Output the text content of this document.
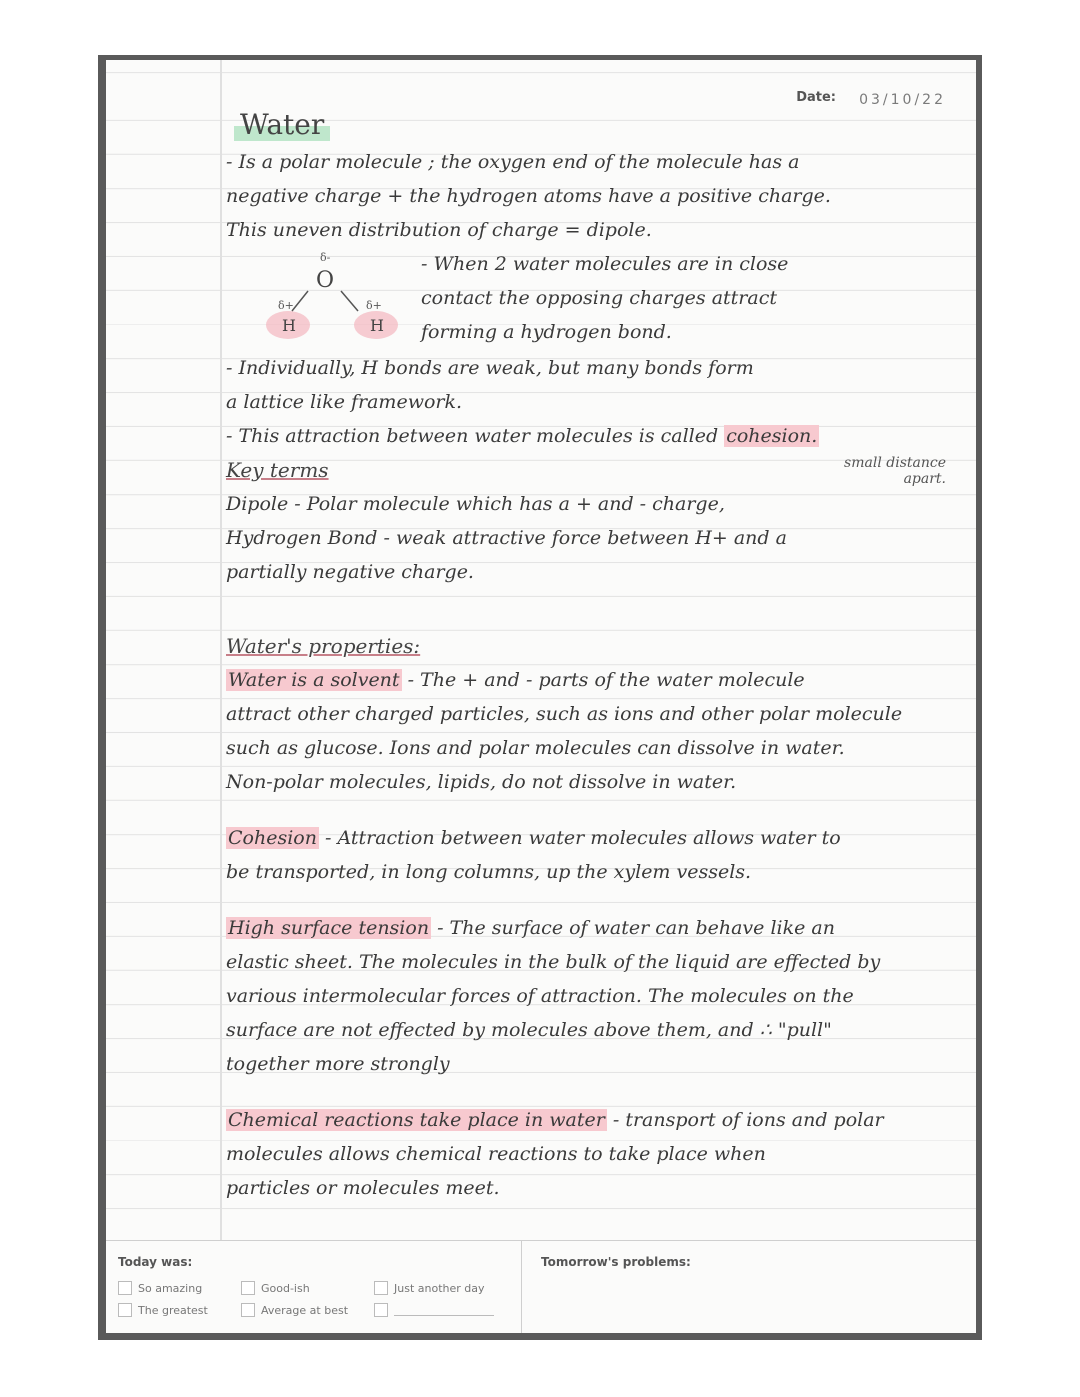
Date: 03/10/22
Water
- Is a polar molecule ; the oxygen end of the molecule has a
negative charge + the hydrogen atoms have a positive charge.
This uneven distribution of charge = dipole.
O
δ-
H	H
δ+	δ+
- When 2 water molecules are in close
contact the opposing charges attract
forming a hydrogen bond.
- Individually, H bonds are weak, but many bonds form
a lattice like framework.
- This attraction between water molecules is called cohesion.
small distance
apart.
Key terms
Dipole - Polar molecule which has a + and - charge,
Hydrogen Bond - weak attractive force between H+ and a
partially negative charge.
Water's properties:
Water is a solvent - The + and - parts of the water molecule
attract other charged particles, such as ions and other polar molecule
such as glucose. Ions and polar molecules can dissolve in water.
Non-polar molecules, lipids, do not dissolve in water.
Cohesion - Attraction between water molecules allows water to
be transported, in long columns, up the xylem vessels.
High surface tension - The surface of water can behave like an
elastic sheet. The molecules in the bulk of the liquid are effected by
various intermolecular forces of attraction. The molecules on the
surface are not effected by molecules above them, and ∴ "pull"
together more strongly
Chemical reactions take place in water - transport of ions and polar
molecules allows chemical reactions to take place when
particles or molecules meet.
Today was:	Tomorrow's problems:
So amazing
The greatest
Good-ish
Average at best
Just another day
